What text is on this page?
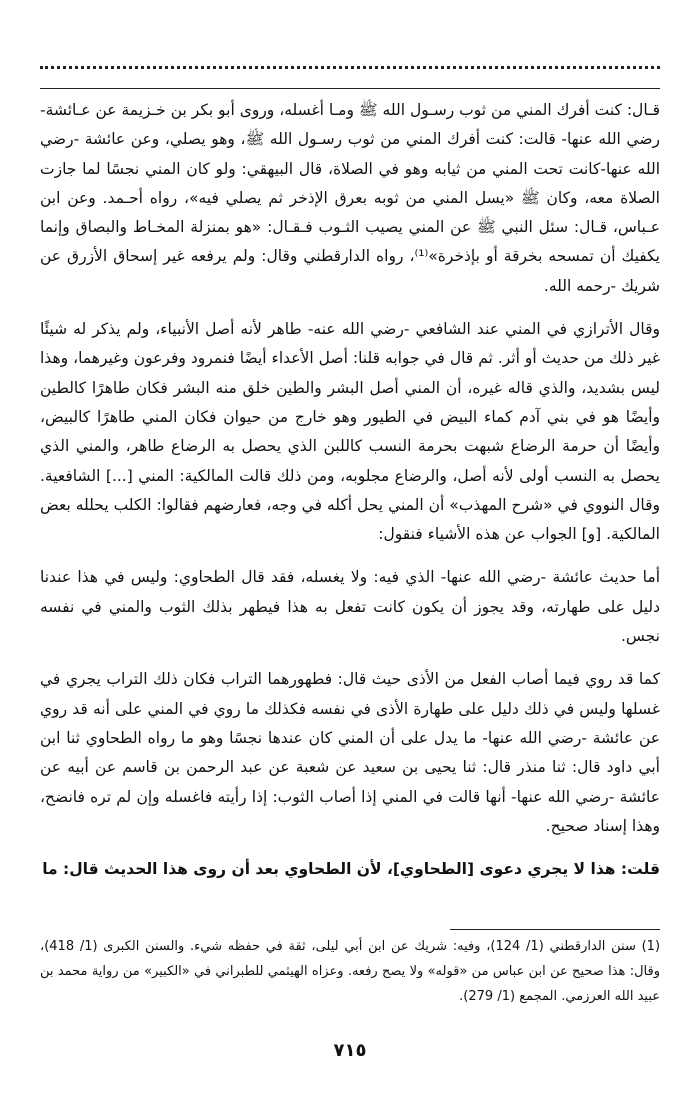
قـال: كنت أفرك المني من ثوب رسـول الله ﷺ ومـا أغسله، وروى أبو بكر بن خـزيمة عن عـائشة-رضي الله عنها- قالت: كنت أفرك المني من ثوب رسـول الله ﷺ، وهو يصلي، وعن عائشة -رضي الله عنها-كانت تحت المني من ثيابه وهو في الصلاة، قال البيهقي: ولو كان المني نجسًا لما جازت الصلاة معه، وكان ﷺ «يسل المني من ثوبه بعرق الإذخر ثم يصلي فيه»، رواه أحـمد. وعن ابن عـباس، قـال: سئل النبي ﷺ عن المني يصيب الثـوب فـقـال: «هو بمنزلة المخـاط والبصاق وإنما يكفيك أن تمسحه بخرقة أو بإذخرة»⁽¹⁾، رواه الدارقطني وقال: ولم يرفعه غير إسحاق الأزرق عن شريك -رحمه الله.

وقال الأترازي في المني عند الشافعي -رضي الله عنه- طاهر لأنه أصل الأنبياء، ولم يذكر له شيئًا غير ذلك من حديث أو أثر. ثم قال في جوابه قلنا: أصل الأعداء أيضًا فنمرود وفرعون وغيرهما، وهذا ليس بشديد، والذي قاله غيره، أن المني أصل البشر والطين خلق منه البشر فكان طاهرًا كالطين وأيضًا هو في بني آدم كماء البيض في الطيور وهو خارج من حيوان فكان المني طاهرًا كالبيض، وأيضًا أن حرمة الرضاع شبهت بحرمة النسب كاللبن الذي يحصل به الرضاع طاهر، والمني الذي يحصل به النسب أولى لأنه أصل، والرضاع مجلوبه، ومن ذلك قالت المالكية: المني [...] الشافعية. وقال النووي في «شرح المهذب» أن المني يحل أكله في وجه، فعارضهم فقالوا: الكلب يحلله بعض المالكية. [و] الجواب عن هذه الأشياء فنقول:

أما حديث عائشة -رضي الله عنها- الذي فيه: ولا يغسله، فقد قال الطحاوي: وليس في هذا عندنا دليل على طهارته، وقد يجوز أن يكون كانت تفعل به هذا فيطهر بذلك الثوب والمني في نفسه نجس.

كما قد روي فيما أصاب الفعل من الأذى حيث قال: فطهورهما التراب فكان ذلك التراب يجري في غسلها وليس في ذلك دليل على طهارة الأذى في نفسه فكذلك ما روي في المني على أنه قد روي عن عائشة -رضي الله عنها- ما يدل على أن المني كان عندها نجسًا وهو ما رواه الطحاوي ثنا ابن أبي داود قال: ثنا منذر قال: ثنا يحيى بن سعيد عن شعبة عن عبد الرحمن بن قاسم عن أبيه عن عائشة -رضي الله عنها- أنها قالت في المني إذا أصاب الثوب: إذا رأيته فاغسله وإن لم تره فانضح، وهذا إسناد صحيح.

قلت: هذا لا يجري دعوى [الطحاوي]، لأن الطحاوي بعد أن روى هذا الحديث قال: ما

(1) سنن الدارقطني (1/ 124)، وفيه: شريك عن ابن أبي ليلى، ثقة في حفظه شيء. والسنن الكبرى (1/ 418)، وقال: هذا صحيح عن ابن عباس من «قوله» ولا يصح رفعه. وعزاه الهيثمي للطبراني في «الكبير» من رواية محمد بن عبيد الله العرزمي. المجمع (1/ 279).

٧١٥
